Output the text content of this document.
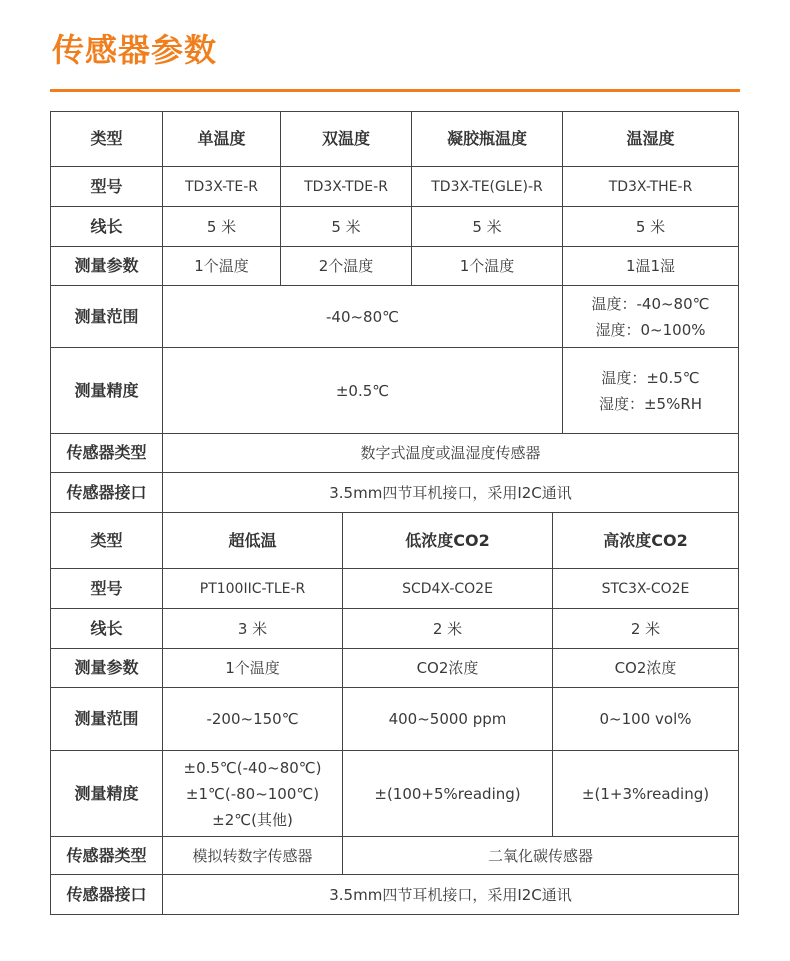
传感器参数
类型	单温度	双温度	凝胶瓶温度	温湿度
型号	TD3X-TE-R	TD3X-TDE-R	TD3X-TE(GLE)-R	TD3X-THE-R
线长	5 米	5 米	5 米	5 米
测量参数	1个温度	2个温度	1个温度	1温1湿
测量范围	-40~80℃			温度：-40~80℃
湿度：0~100%

测量精度	±0.5℃			温度：±0.5℃
湿度：±5%RH

传感器类型	数字式温度或温湿度传感器			
传感器接口	3.5mm四节耳机接口，采用I2C通讯			
类型	超低温	低浓度CO2	高浓度CO2
型号	PT100IIC-TLE-R	SCD4X-CO2E	STC3X-CO2E
线长	3 米	2 米	2 米
测量参数	1个温度	CO2浓度	CO2浓度
测量范围	-200~150℃	400~5000 ppm	0~100 vol%
测量精度	±0.5℃(-40~80℃)
±1℃(-80~100℃)
±2℃(其他)	±(100+5%reading)	±(1+3%reading)
传感器类型	模拟转数字传感器	二氧化碳传感器	
传感器接口	3.5mm四节耳机接口，采用I2C通讯		
